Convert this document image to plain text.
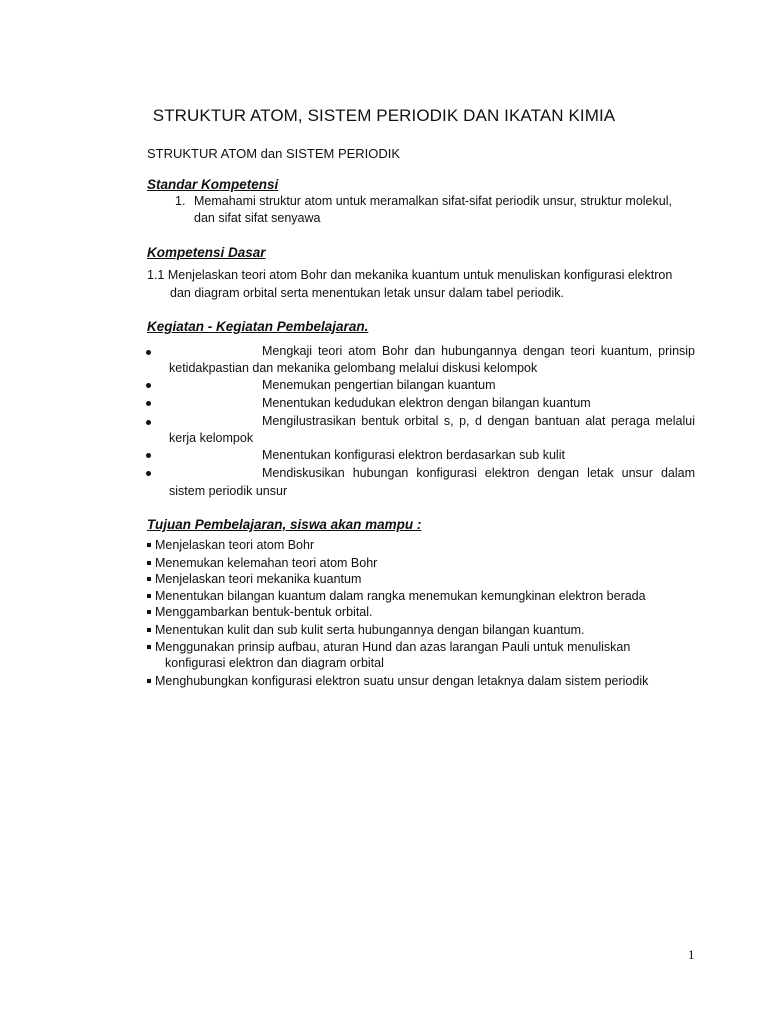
STRUKTUR ATOM, SISTEM PERIODIK DAN IKATAN KIMIA
STRUKTUR ATOM dan SISTEM PERIODIK
Standar Kompetensi
1. Memahami struktur atom untuk meramalkan sifat-sifat periodik unsur, struktur molekul,
dan sifat sifat senyawa
Kompetensi Dasar
1.1 Menjelaskan teori atom Bohr dan mekanika kuantum untuk menuliskan konfigurasi elektron
dan diagram orbital serta menentukan letak unsur dalam tabel periodik.
Kegiatan - Kegiatan Pembelajaran.
Mengkaji teori atom Bohr dan hubungannya dengan teori kuantum, prinsip
ketidakpastian dan mekanika gelombang melalui diskusi kelompok
Menemukan pengertian bilangan kuantum
Menentukan kedudukan elektron dengan bilangan kuantum
Mengilustrasikan bentuk orbital s, p, d dengan bantuan alat peraga melalui
kerja kelompok
Menentukan konfigurasi elektron berdasarkan sub kulit
Mendiskusikan hubungan konfigurasi elektron dengan letak unsur dalam
sistem periodik unsur
Tujuan Pembelajaran, siswa akan mampu :
Menjelaskan teori atom Bohr
Menemukan kelemahan teori atom Bohr
Menjelaskan teori mekanika kuantum
Menentukan bilangan kuantum dalam rangka menemukan kemungkinan elektron berada
Menggambarkan bentuk-bentuk orbital.
Menentukan kulit dan sub kulit serta hubungannya dengan bilangan kuantum.
Menggunakan prinsip aufbau, aturan Hund dan azas larangan Pauli untuk menuliskan
konfigurasi elektron dan diagram orbital
Menghubungkan konfigurasi elektron suatu unsur dengan letaknya dalam sistem periodik
1
